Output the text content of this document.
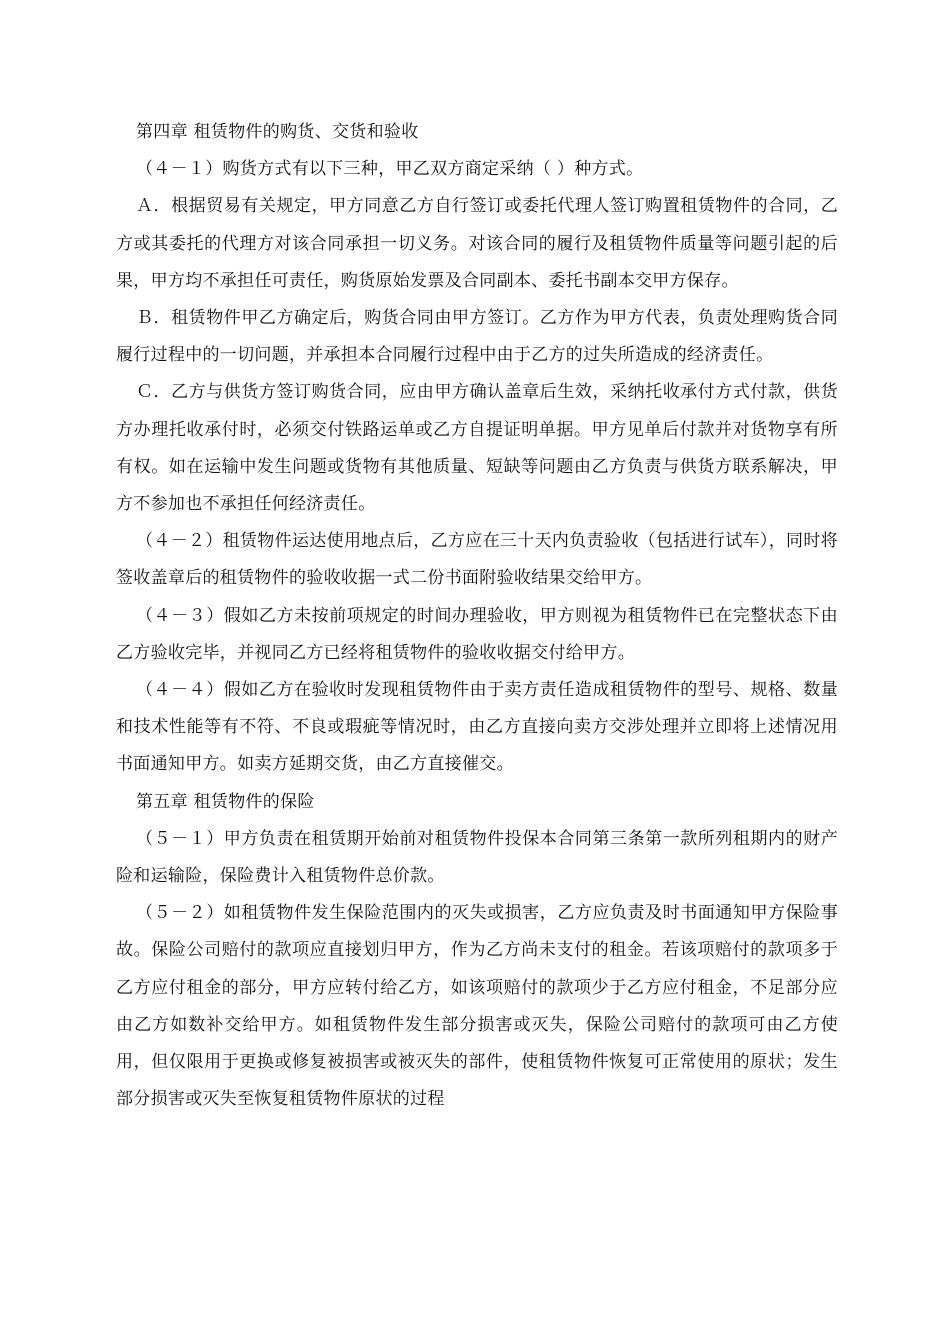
第四章 租赁物件的购货、交货和验收

（４－１）购货方式有以下三种，甲乙双方商定采纳（ ）种方式。

Ａ．根据贸易有关规定，甲方同意乙方自行签订或委托代理人签订购置租赁物件的合同，乙方或其委托的代理方对该合同承担一切义务。对该合同的履行及租赁物件质量等问题引起的后果，甲方均不承担任可责任，购货原始发票及合同副本、委托书副本交甲方保存。

Ｂ．租赁物件甲乙方确定后，购货合同由甲方签订。乙方作为甲方代表，负责处理购货合同履行过程中的一切问题，并承担本合同履行过程中由于乙方的过失所造成的经济责任。

Ｃ．乙方与供货方签订购货合同，应由甲方确认盖章后生效，采纳托收承付方式付款，供货方办理托收承付时，必须交付铁路运单或乙方自提证明单据。甲方见单后付款并对货物享有所有权。如在运输中发生问题或货物有其他质量、短缺等问题由乙方负责与供货方联系解决，甲方不参加也不承担任何经济责任。

（４－２）租赁物件运达使用地点后，乙方应在三十天内负责验收（包括进行试车），同时将签收盖章后的租赁物件的验收收据一式二份书面附验收结果交给甲方。

（４－３）假如乙方未按前项规定的时间办理验收，甲方则视为租赁物件已在完整状态下由乙方验收完毕，并视同乙方已经将租赁物件的验收收据交付给甲方。

（４－４）假如乙方在验收时发现租赁物件由于卖方责任造成租赁物件的型号、规格、数量和技术性能等有不符、不良或瑕疵等情况时，由乙方直接向卖方交涉处理并立即将上述情况用书面通知甲方。如卖方延期交货，由乙方直接催交。

第五章 租赁物件的保险

（５－１）甲方负责在租赁期开始前对租赁物件投保本合同第三条第一款所列租期内的财产险和运输险，保险费计入租赁物件总价款。

（５－２）如租赁物件发生保险范围内的灭失或损害，乙方应负责及时书面通知甲方保险事故。保险公司赔付的款项应直接划归甲方，作为乙方尚未支付的租金。若该项赔付的款项多于乙方应付租金的部分，甲方应转付给乙方，如该项赔付的款项少于乙方应付租金，不足部分应由乙方如数补交给甲方。如租赁物件发生部分损害或灭失，保险公司赔付的款项可由乙方使用，但仅限用于更换或修复被损害或被灭失的部件，使租赁物件恢复可正常使用的原状；发生部分损害或灭失至恢复租赁物件原状的过程
